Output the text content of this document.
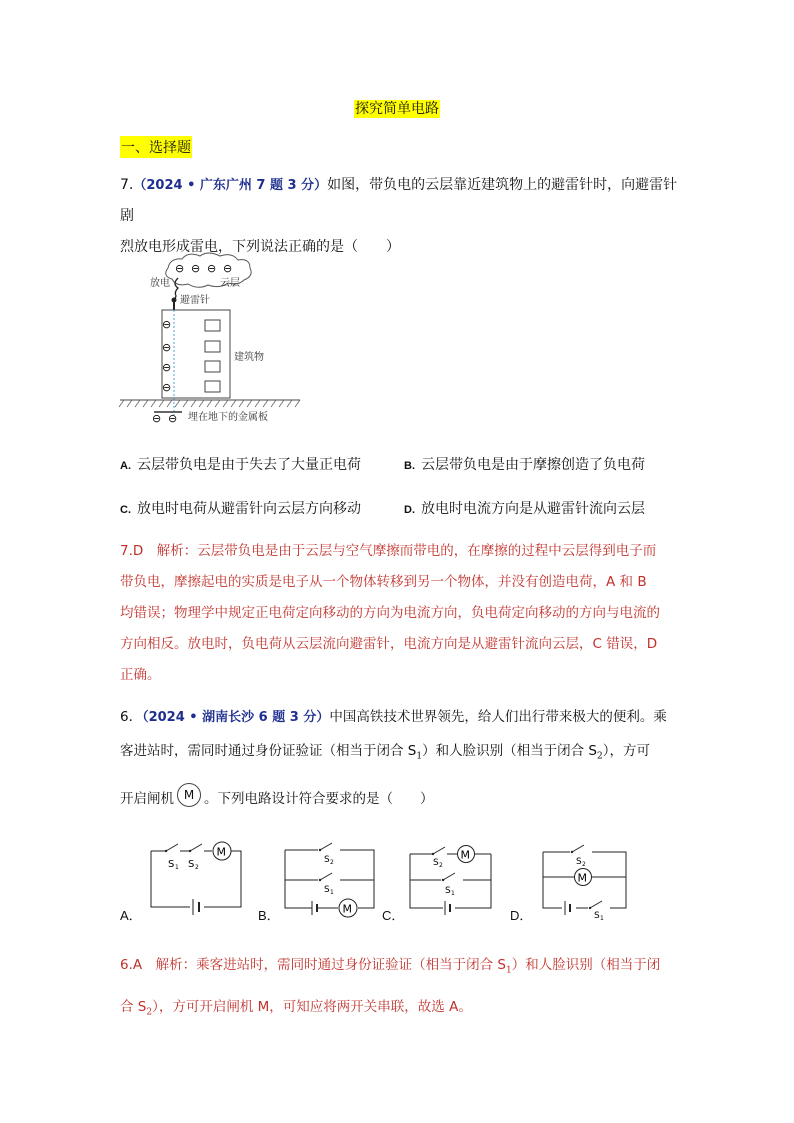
探究简单电路
一、选择题
7.（2024 • 广东广州 7 题 3 分）如图，带负电的云层靠近建筑物上的避雷针时，向避雷针剧
烈放电形成雷电，下列说法正确的是（　　）
⊖ ⊖ ⊖ ⊖
放电	云层
避雷针
⊖
⊖
⊖
⊖
建筑物
⊖ ⊖ 埋在地下的金属板
A. 云层带负电是由于失去了大量正电荷	B. 云层带负电是由于摩擦创造了负电荷
C. 放电时电荷从避雷针向云层方向移动	D. 放电时电流方向是从避雷针流向云层
7.D　解析：云层带负电是由于云层与空气摩擦而带电的，在摩擦的过程中云层得到电子而
带负电，摩擦起电的实质是电子从一个物体转移到另一个物体，并没有创造电荷，A 和 B
均错误；物理学中规定正电荷定向移动的方向为电流方向，负电荷定向移动的方向与电流的
方向相反。放电时，负电荷从云层流向避雷针，电流方向是从避雷针流向云层，C 错误，D
正确。
6．（2024 • 湖南长沙 6 题 3 分）中国高铁技术世界领先，给人们出行带来极大的便利。乘
客进站时，需同时通过身份证验证（相当于闭合 $S_1$）和人脸识别（相当于闭合 $S_2$），方可
开启闸机 M 。下列电路设计符合要求的是（　　）
M
S 1 S 2
A．
S 2
S 1
M
B．
M
S 2
S 1
C．
S 2
M
S 1
D．
6.A　解析：乘客进站时，需同时通过身份证验证（相当于闭合 $S_1$）和人脸识别（相当于闭
合 $S_2$），方可开启闸机 M，可知应将两开关串联，故选 A。
